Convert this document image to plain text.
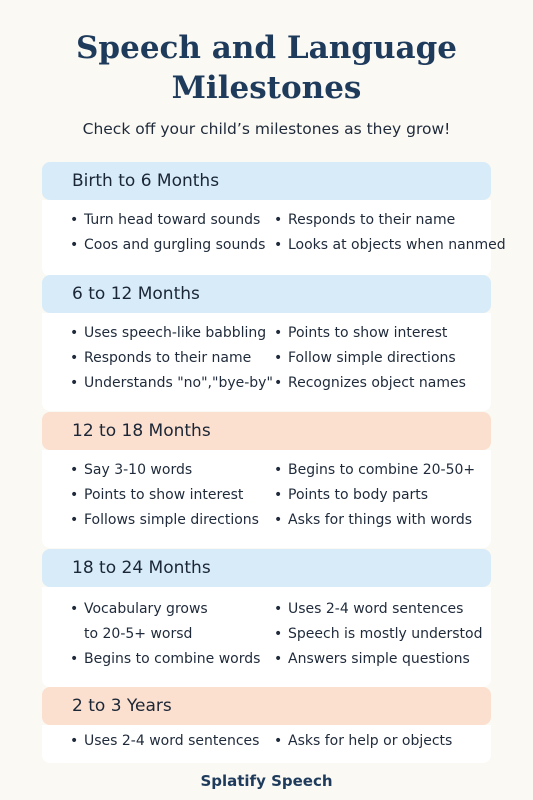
Speech and Language
Milestones
Check off your child’s milestones as they grow!
Birth to 6 Months
• Turn head toward sounds
• Coos and gurgling sounds
• Responds to their name
• Looks at objects when nanmed
6 to 12 Months
• Uses speech-like babbling
• Responds to their name
• Understands "no","bye-by"
• Points to show interest
• Follow simple directions
• Recognizes object names
12 to 18 Months
• Say 3-10 words
• Points to show interest
• Follows simple directions
• Begins to combine 20-50+
• Points to body parts
• Asks for things with words
18 to 24 Months
• Vocabulary grows
to 20-5+ worsd
• Begins to combine words
• Uses 2-4 word sentences
• Speech is mostly understod
• Answers simple questions
2 to 3 Years
• Uses 2-4 word sentences	• Asks for help or objects
Splatify Speech
